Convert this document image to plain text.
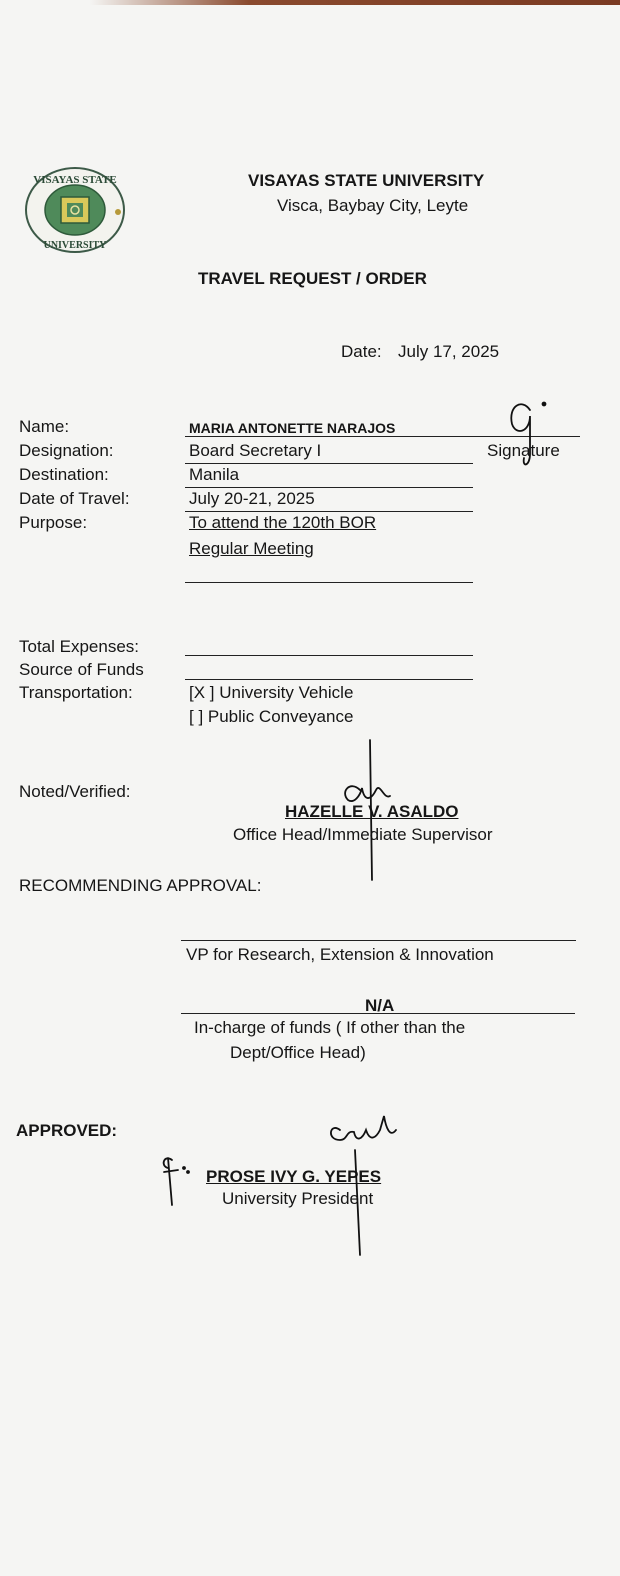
VISAYAS STATE
UNIVERSITY
VISAYAS STATE UNIVERSITY
Visca, Baybay City, Leyte
TRAVEL REQUEST / ORDER
Date: July 17, 2025
Name:	MARIA ANTONETTE NARAJOS
Designation:	Board Secretary I	Signature
Destination:	Manila
Date of Travel:	July 20-21, 2025
Purpose:	To attend the 120th BOR
Regular Meeting
Total Expenses:
Source of Funds
Transportation:	[X ] University Vehicle
[ ] Public Conveyance
Noted/Verified:
HAZELLE V. ASALDO
Office Head/Immediate Supervisor
RECOMMENDING APPROVAL:
VP for Research, Extension & Innovation
N/A
In-charge of funds ( If other than the
Dept/Office Head)
APPROVED:
PROSE IVY G. YEPES
University President
